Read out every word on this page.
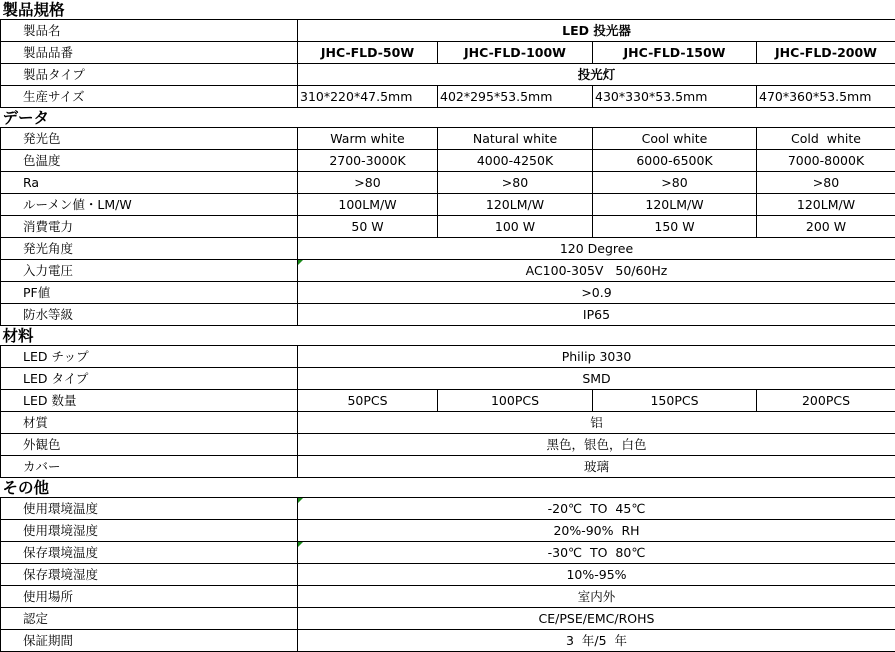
製品規格				
製品名	LED 投光器			
製品品番	JHC-FLD-50W	JHC-FLD-100W	JHC-FLD-150W	JHC-FLD-200W
製品タイプ	投光灯			
生産サイズ	310*220*47.5mm	402*295*53.5mm	430*330*53.5mm	470*360*53.5mm
データ				
発光色	Warm white	Natural white	Cool white	Cold  white
色温度	2700-3000K	4000-4250K	6000-6500K	7000-8000K
Ra	>80	>80	>80	>80
ルーメン値・LM/W	100LM/W	120LM/W	120LM/W	120LM/W
消費電力	50 W	100 W	150 W	200 W
発光角度	120 Degree			
入力電圧	AC100-305V   50/60Hz			
PF値	>0.9			
防水等級	IP65			
材料				
LED チップ	Philip 3030			
LED タイプ	SMD			
LED 数量	50PCS	100PCS	150PCS	200PCS
材質	铝			
外観色	黑色，银色，白色			
カバー	玻璃			
その他				
使用環境温度	-20℃  TO  45℃			
使用環境湿度	20%-90%  RH			
保存環境温度	-30℃  TO  80℃			
保存環境湿度	10%-95%			
使用場所	室内外			
認定	CE/PSE/EMC/ROHS			
保証期間	3  年/5  年			
